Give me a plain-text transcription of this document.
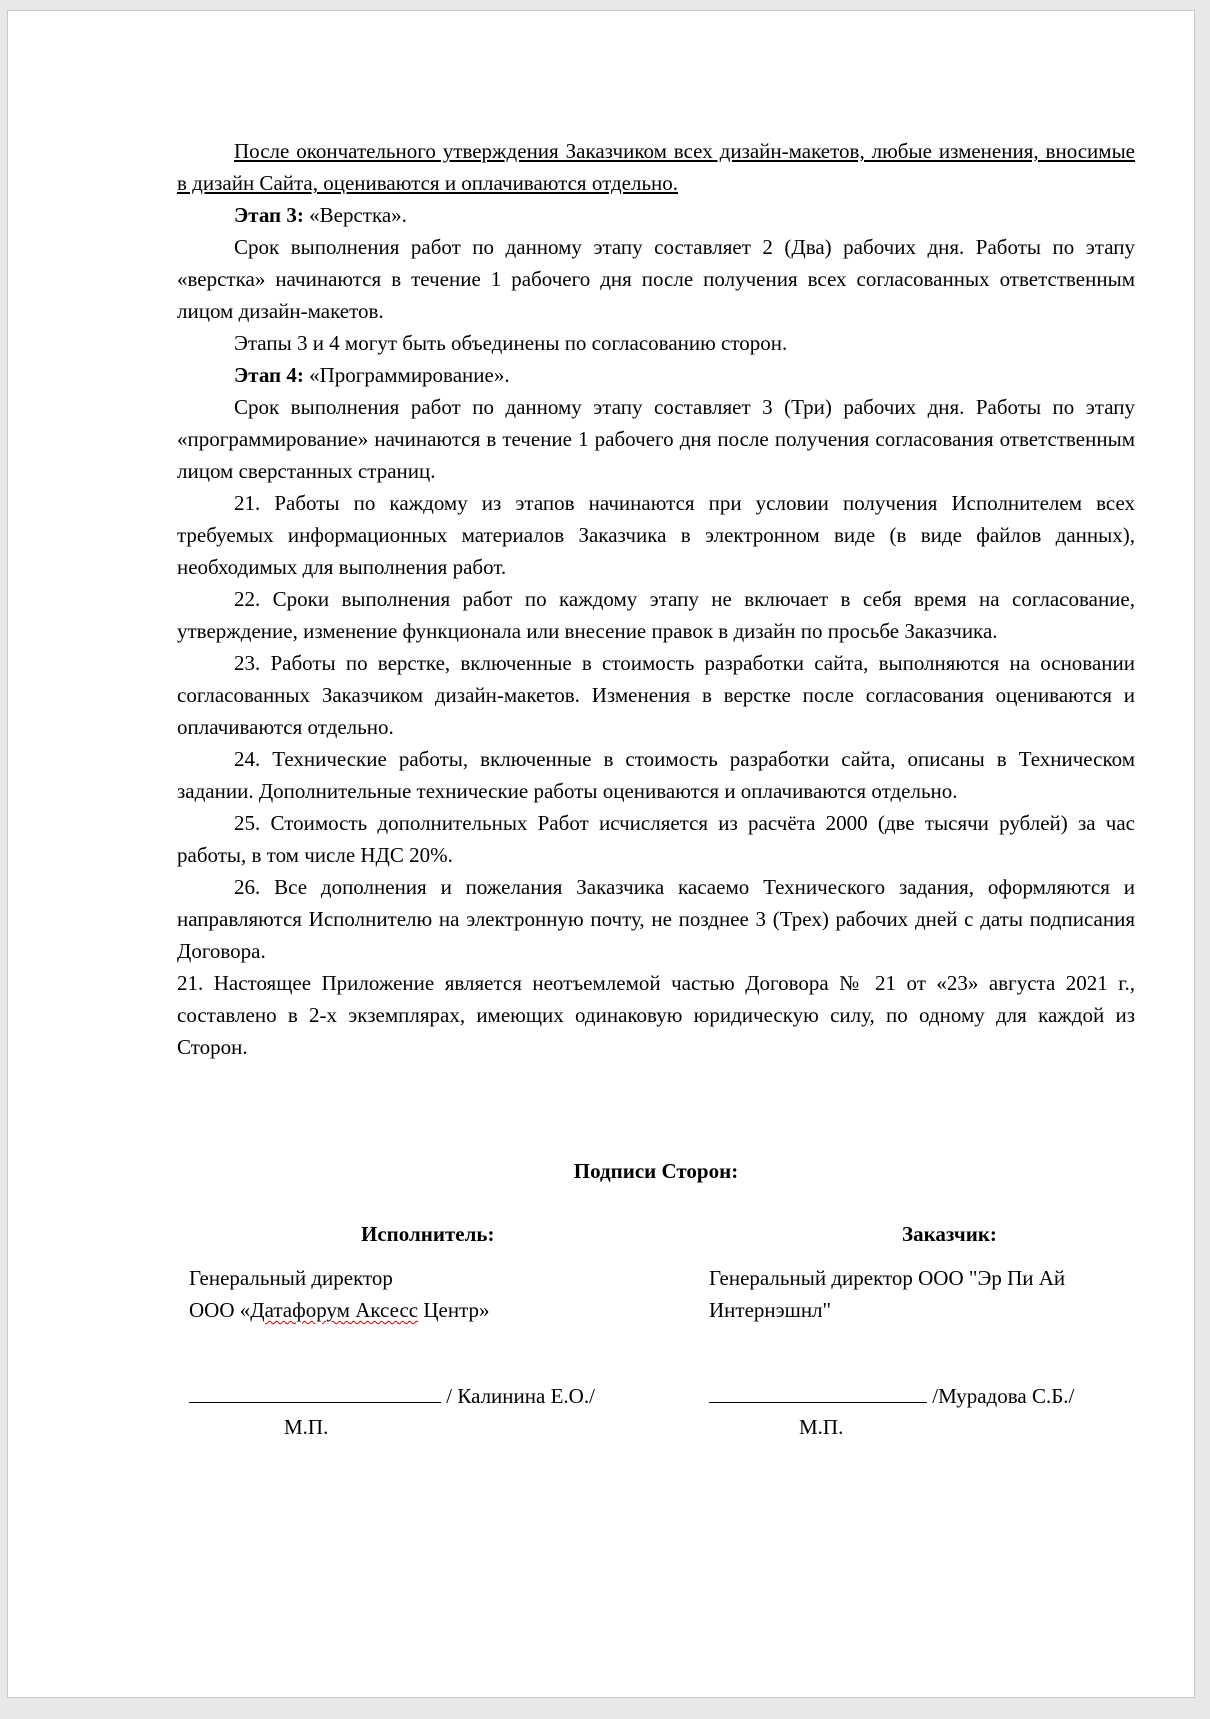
После окончательного утверждения Заказчиком всех дизайн-макетов, любые изменения, вносимые в дизайн Сайта, оцениваются и оплачиваются отдельно.

Этап 3: «Верстка».

Срок выполнения работ по данному этапу составляет 2 (Два) рабочих дня. Работы по этапу «верстка» начинаются в течение 1 рабочего дня после получения всех согласованных ответственным лицом дизайн-макетов.

Этапы 3 и 4 могут быть объединены по согласованию сторон.

Этап 4: «Программирование».

Срок выполнения работ по данному этапу составляет 3 (Три) рабочих дня. Работы по этапу «программирование» начинаются в течение 1 рабочего дня после получения согласования ответственным лицом сверстанных страниц.

21. Работы по каждому из этапов начинаются при условии получения Исполнителем всех требуемых информационных материалов Заказчика в электронном виде (в виде файлов данных), необходимых для выполнения работ.

22. Сроки выполнения работ по каждому этапу не включает в себя время на согласование, утверждение, изменение функционала или внесение правок в дизайн по просьбе Заказчика.

23. Работы по верстке, включенные в стоимость разработки сайта, выполняются на основании согласованных Заказчиком дизайн-макетов. Изменения в верстке после согласования оцениваются и оплачиваются отдельно.

24. Технические работы, включенные в стоимость разработки сайта, описаны в Техническом задании. Дополнительные технические работы оцениваются и оплачиваются отдельно.

25. Стоимость дополнительных Работ исчисляется из расчёта 2000 (две тысячи рублей) за час работы, в том числе НДС 20%.

26. Все дополнения и пожелания Заказчика касаемо Технического задания, оформляются и направляются Исполнителю на электронную почту, не позднее 3 (Трех) рабочих дней с даты подписания Договора.

21. Настоящее Приложение является неотъемлемой частью Договора № 21 от «23» августа 2021 г., составлено в 2-х экземплярах, имеющих одинаковую юридическую силу, по одному для каждой из Сторон.

Подписи Сторон:
Исполнитель:	Заказчик:
Генеральный директор
ООО «Датафорум Аксесс Центр»
Генеральный директор ООО "Эр Пи Ай Интернэшнл"
/ Калинина Е.О./	/Мурадова С.Б./
М.П.	М.П.
